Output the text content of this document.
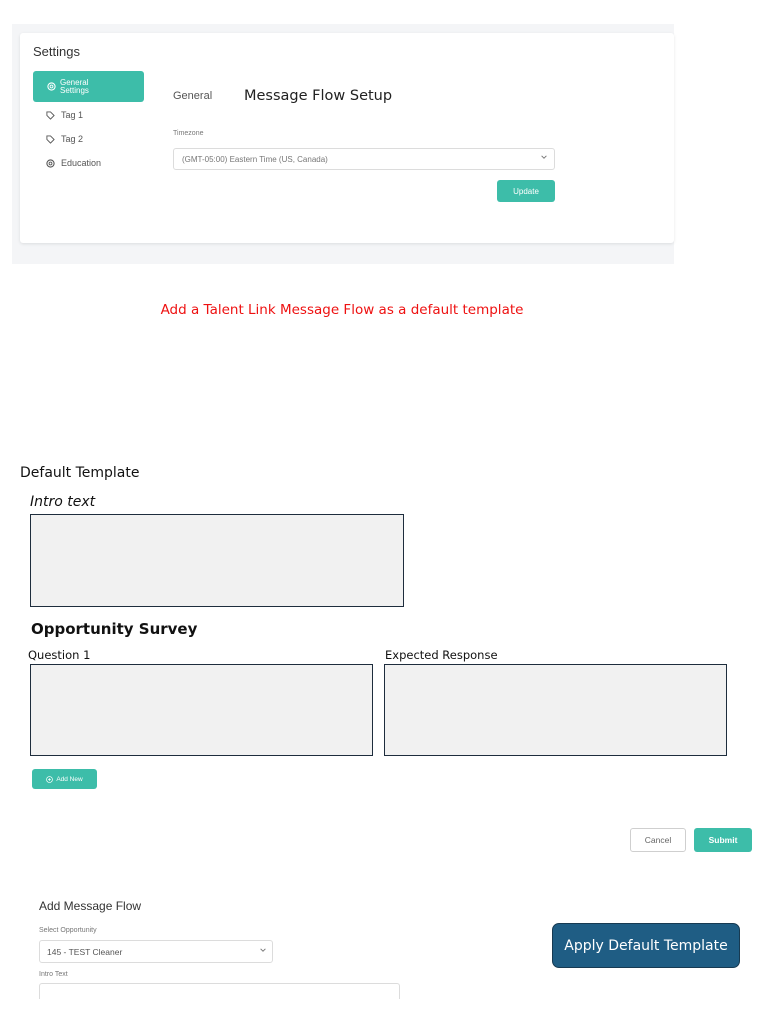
Settings
General Settings
Tag 1
Tag 2
Education
General Message Flow Setup
Timezone
(GMT-05:00) Eastern Time (US, Canada)
Update
Add a Talent Link Message Flow as a default template
Default Template
Intro text
Opportunity Survey
Question 1	Expected Response
Add New
Cancel	Submit
Add Message Flow
Select Opportunity
145 - TEST Cleaner
Intro Text
Apply Default Template
